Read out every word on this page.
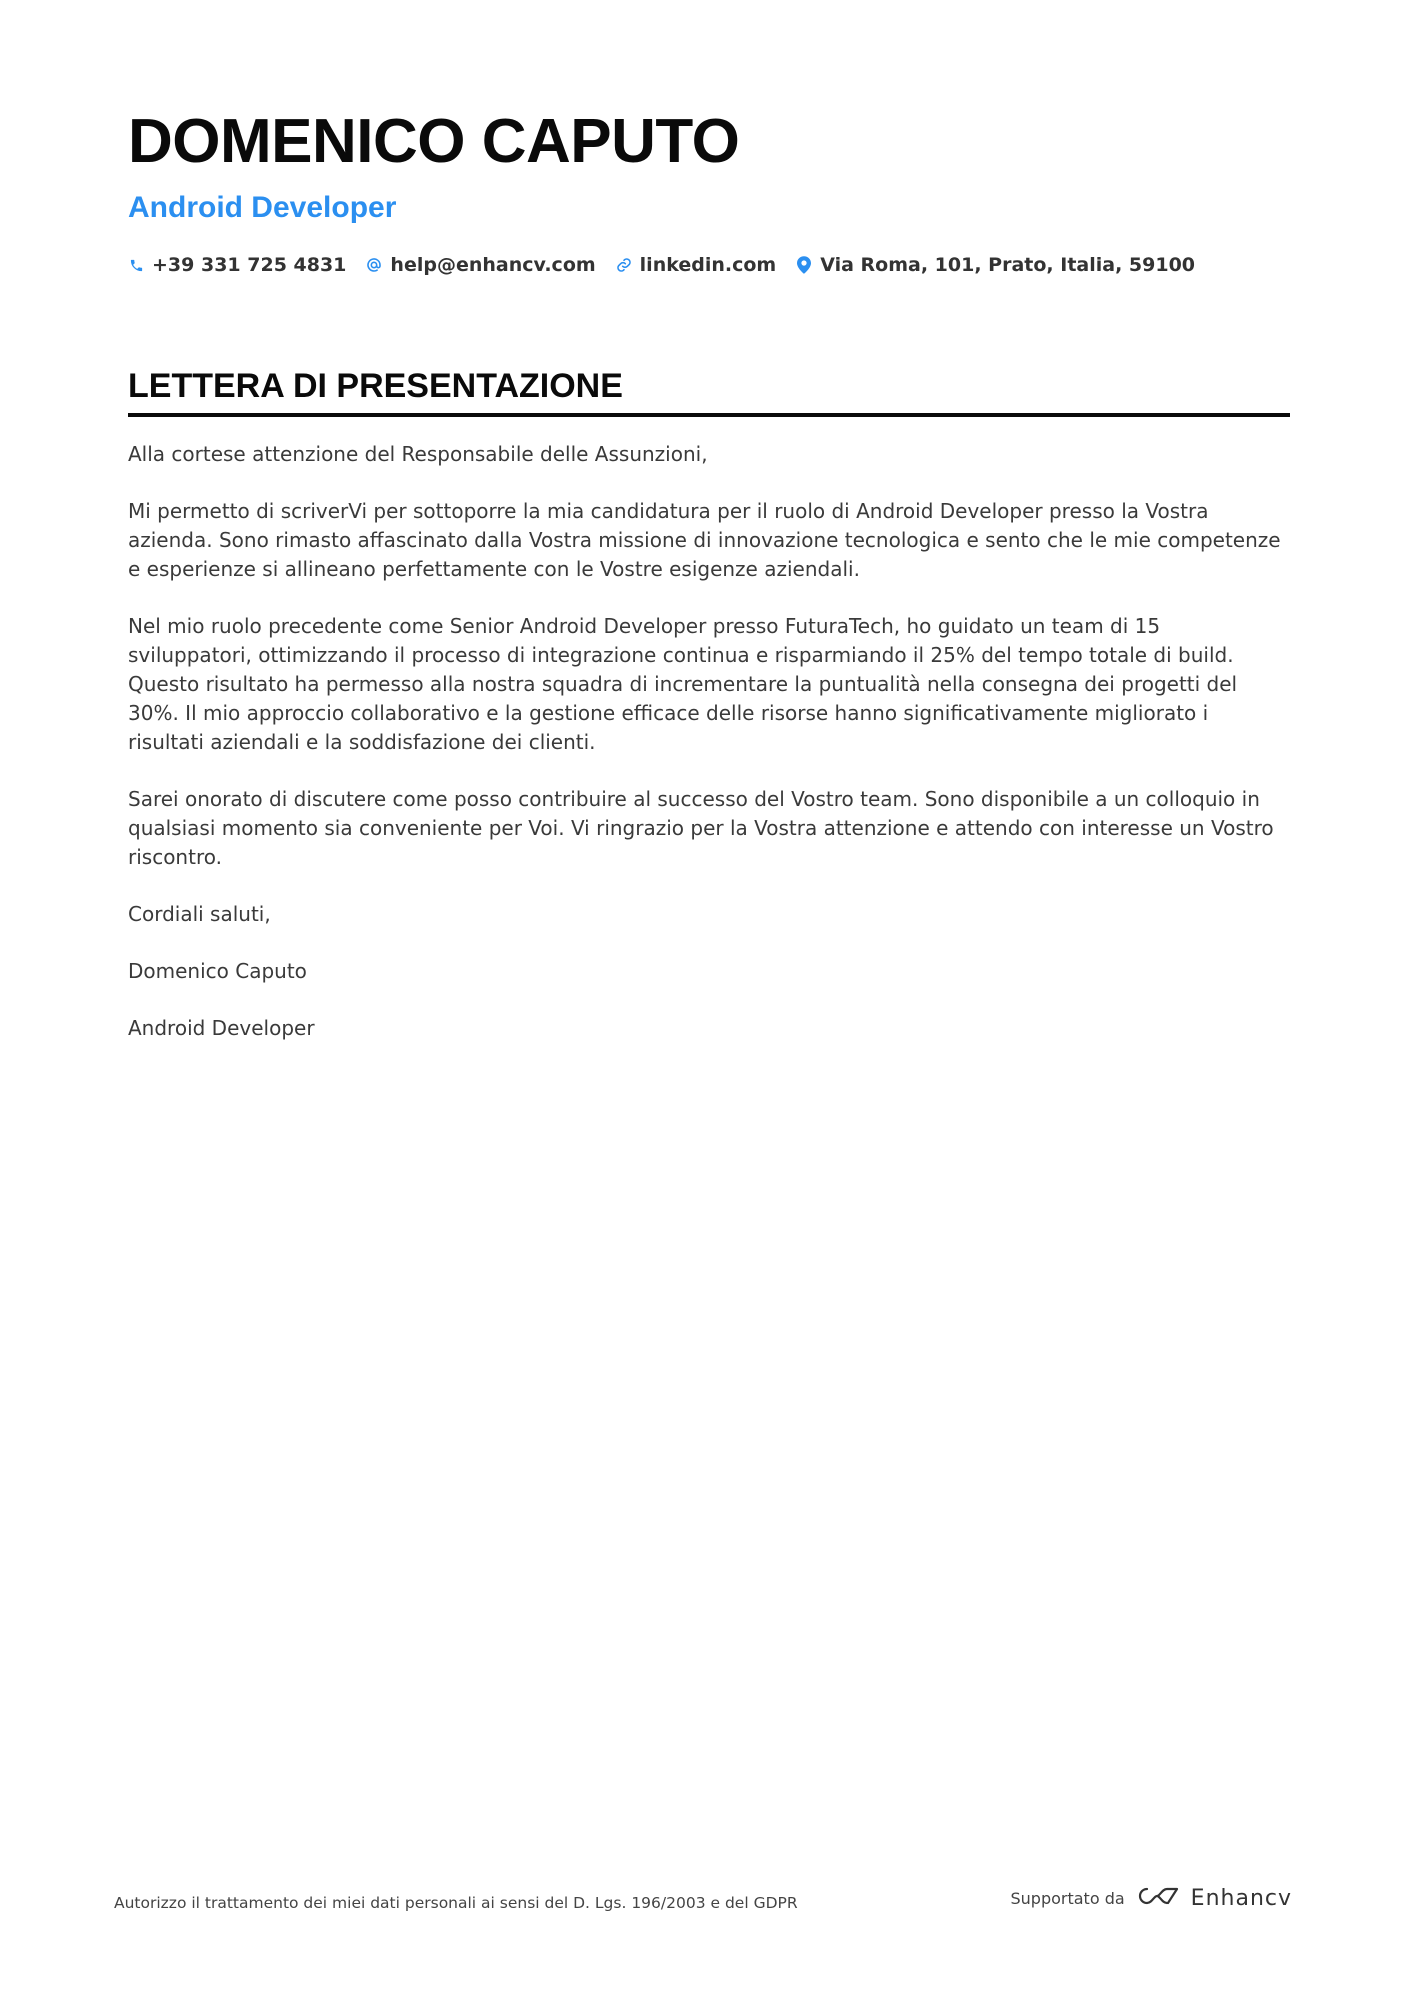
DOMENICO CAPUTO
Android Developer
+39 331 725 4831 help@enhancv.com linkedin.com Via Roma, 101, Prato, Italia, 59100
LETTERA DI PRESENTAZIONE

Alla cortese attenzione del Responsabile delle Assunzioni,

Mi permetto di scriverVi per sottoporre la mia candidatura per il ruolo di Android Developer presso la Vostra azienda. Sono rimasto affascinato dalla Vostra missione di innovazione tecnologica e sento che le mie competenze e esperienze si allineano perfettamente con le Vostre esigenze aziendali.

Nel mio ruolo precedente come Senior Android Developer presso FuturaTech, ho guidato un team di 15 sviluppatori, ottimizzando il processo di integrazione continua e risparmiando il 25% del tempo totale di build. Questo risultato ha permesso alla nostra squadra di incrementare la puntualità nella consegna dei progetti del 30%. Il mio approccio collaborativo e la gestione efficace delle risorse hanno significativamente migliorato i risultati aziendali e la soddisfazione dei clienti.

Sarei onorato di discutere come posso contribuire al successo del Vostro team. Sono disponibile a un colloquio in qualsiasi momento sia conveniente per Voi. Vi ringrazio per la Vostra attenzione e attendo con interesse un Vostro riscontro.

Cordiali saluti,

Domenico Caputo

Android Developer

Autorizzo il trattamento dei miei dati personali ai sensi del D. Lgs. 196/2003 e del GDPR	Supportato da	Enhancv
